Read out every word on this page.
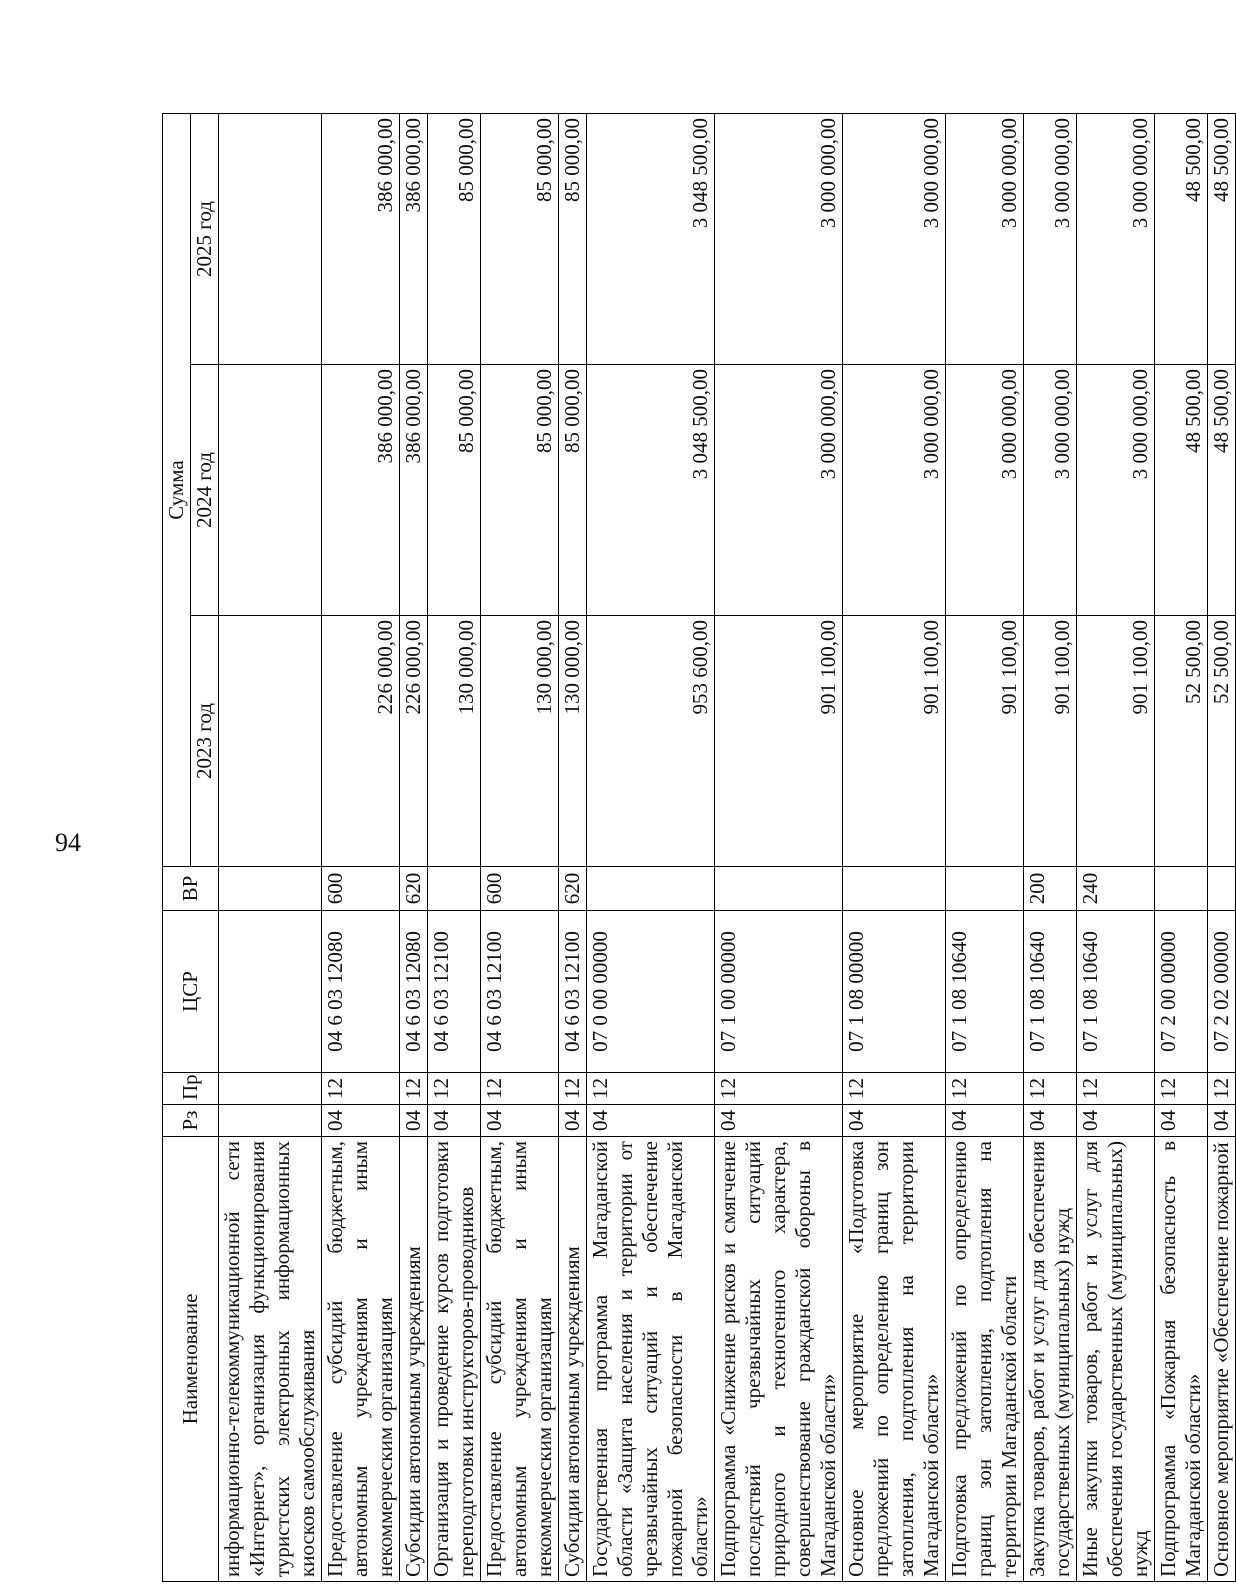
94
Наименование	Рз	Пр	ЦСР	ВР	Сумма		
					2023 год	2024 год	2025 год
информационно-телекоммуникационной сети «Интернет», организация функционирования туристских электронных информационных киосков самообслуживания							
Предоставление субсидий бюджетным, автономным учреждениям и иным некоммерческим организациям	04	12	04 6 03 12080	600	226 000,00	386 000,00	386 000,00
Субсидии автономным учреждениям	04	12	04 6 03 12080	620	226 000,00	386 000,00	386 000,00
Организация и проведение курсов подготовки переподготовки инструкторов-проводников	04	12	04 6 03 12100		130 000,00	85 000,00	85 000,00
Предоставление субсидий бюджетным, автономным учреждениям и иным некоммерческим организациям	04	12	04 6 03 12100	600	130 000,00	85 000,00	85 000,00
Субсидии автономным учреждениям	04	12	04 6 03 12100	620	130 000,00	85 000,00	85 000,00
Государственная программа Магаданской области «Защита населения и территории от чрезвычайных ситуаций и обеспечение пожарной безопасности в Магаданской области»	04	12	07 0 00 00000		953 600,00	3 048 500,00	3 048 500,00
Подпрограмма «Снижение рисков и смягчение последствий чрезвычайных ситуаций природного и техногенного характера, совершенствование гражданской обороны в Магаданской области»	04	12	07 1 00 00000		901 100,00	3 000 000,00	3 000 000,00
Основное мероприятие «Подготовка предложений по определению границ зон затопления, подтопления на территории Магаданской области»	04	12	07 1 08 00000		901 100,00	3 000 000,00	3 000 000,00
Подготовка предложений по определению границ зон затопления, подтопления на территории Магаданской области	04	12	07 1 08 10640		901 100,00	3 000 000,00	3 000 000,00
Закупка товаров, работ и услуг для обеспечения государственных (муниципальных) нужд	04	12	07 1 08 10640	200	901 100,00	3 000 000,00	3 000 000,00
Иные закупки товаров, работ и услуг для обеспечения государственных (муниципальных) нужд	04	12	07 1 08 10640	240	901 100,00	3 000 000,00	3 000 000,00
Подпрограмма «Пожарная безопасность в Магаданской области»	04	12	07 2 00 00000		52 500,00	48 500,00	48 500,00
Основное мероприятие «Обеспечение пожарной	04	12	07 2 02 00000		52 500,00	48 500,00	48 500,00
